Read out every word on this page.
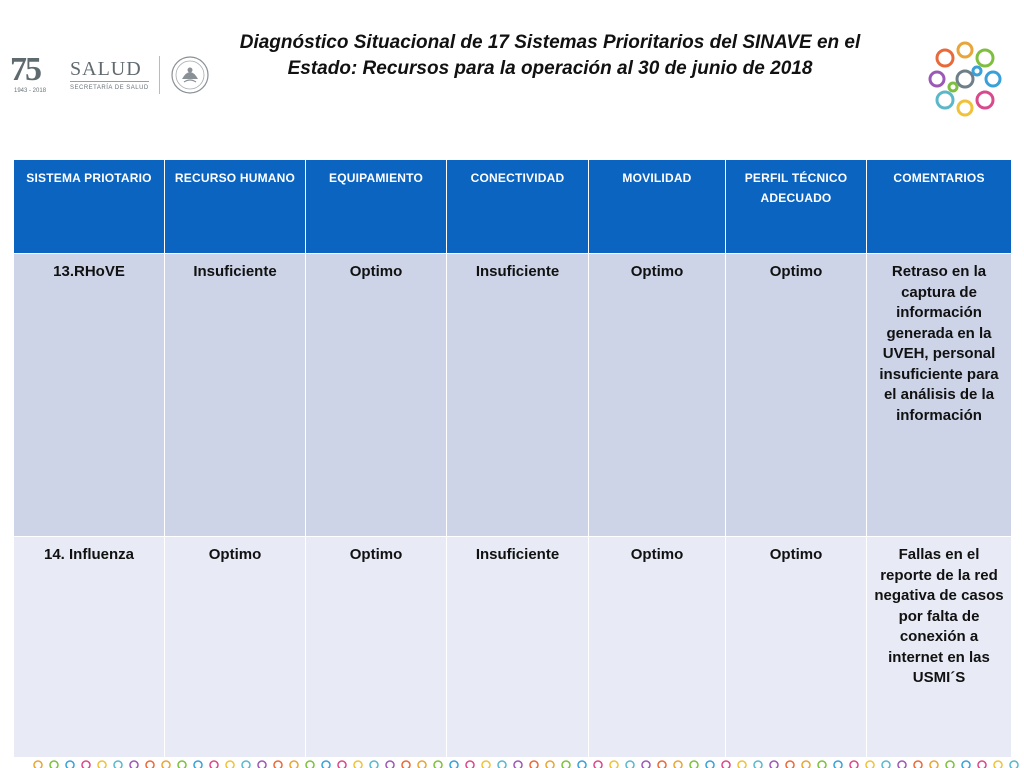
75
1943 - 2018
SALUD
SECRETARÍA DE SALUD
Diagnóstico Situacional de 17 Sistemas Prioritarios del SINAVE en el
Estado: Recursos para la operación al 30 de junio de 2018
SISTEMA PRIOTARIO	RECURSO HUMANO	EQUIPAMIENTO	CONECTIVIDAD	MOVILIDAD	PERFIL TÉCNICO ADECUADO	COMENTARIOS
13.RHoVE	Insuficiente	Optimo	Insuficiente	Optimo	Optimo	Retraso en la captura de información generada en la UVEH, personal insuficiente para el análisis de la información
14. Influenza	Optimo	Optimo	Insuficiente	Optimo	Optimo	Fallas en el reporte de la red negativa de casos por falta de conexión a internet en las USMI´S
